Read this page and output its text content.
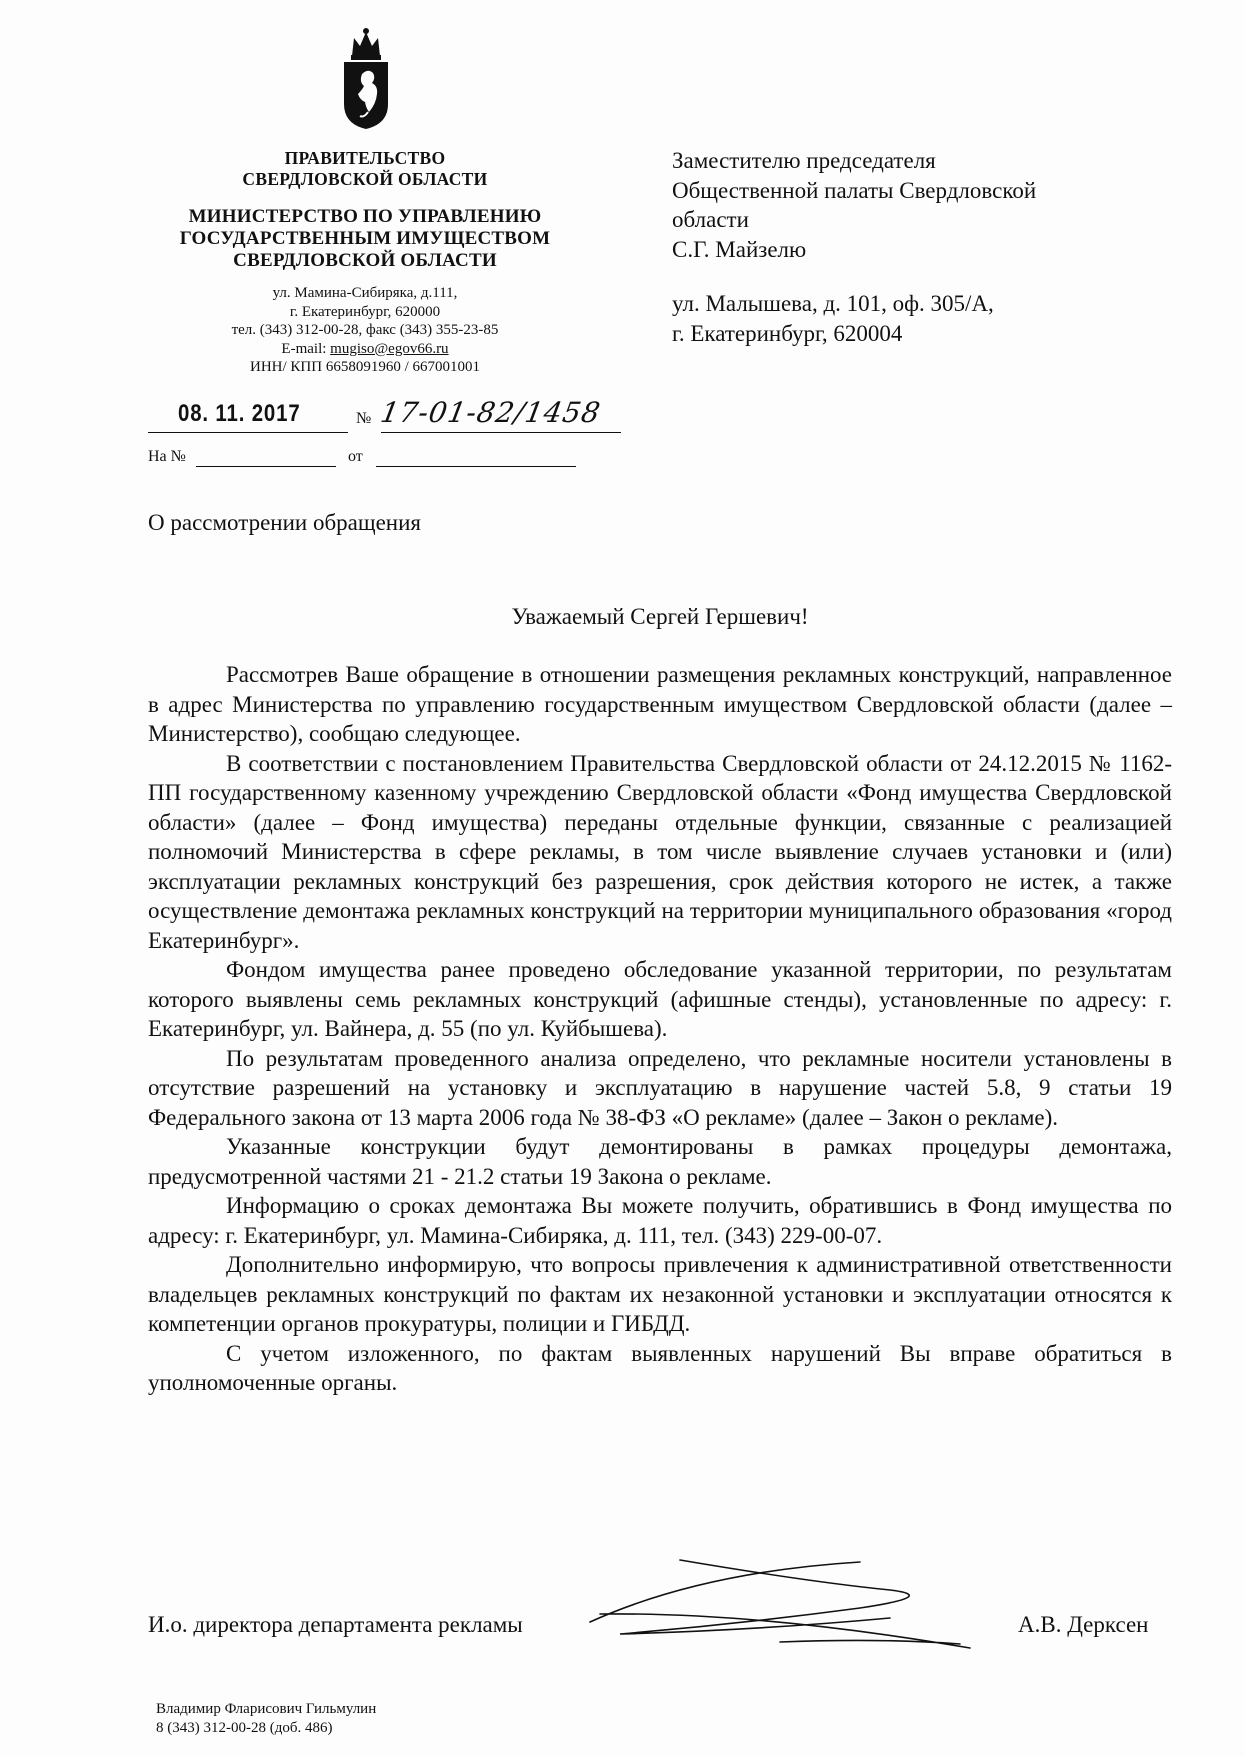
ПРАВИТЕЛЬСТВО
СВЕРДЛОВСКОЙ ОБЛАСТИ
МИНИСТЕРСТВО ПО УПРАВЛЕНИЮ
ГОСУДАРСТВЕННЫМ ИМУЩЕСТВОМ
СВЕРДЛОВСКОЙ ОБЛАСТИ
ул. Мамина-Сибиряка, д.111,
г. Екатеринбург, 620000
тел. (343) 312-00-28, факс (343) 355-23-85
E-mail: mugiso@egov66.ru
ИНН/ КПП 6658091960 / 667001001
08. 11. 2017	№ 17-01-82/1458
На №	от
Заместителю председателя
Общественной палаты Свердловской
области
С.Г. Майзелю
ул. Малышева, д. 101, оф. 305/А,
г. Екатеринбург, 620004
О рассмотрении обращения
Уважаемый Сергей Гершевич!

Рассмотрев Ваше обращение в отношении размещения рекламных конструкций, направленное в адрес Министерства по управлению государственным имуществом Свердловской области (далее – Министерство), сообщаю следующее.

В соответствии с постановлением Правительства Свердловской области от 24.12.2015 № 1162-ПП государственному казенному учреждению Свердловской области «Фонд имущества Свердловской области» (далее – Фонд имущества) переданы отдельные функции, связанные с реализацией полномочий Министерства в сфере рекламы, в том числе выявление случаев установки и (или) эксплуатации рекламных конструкций без разрешения, срок действия которого не истек, а также осуществление демонтажа рекламных конструкций на территории муниципального образования «город Екатеринбург».

Фондом имущества ранее проведено обследование указанной территории, по результатам которого выявлены семь рекламных конструкций (афишные стенды), установленные по адресу: г. Екатеринбург, ул. Вайнера, д. 55 (по ул. Куйбышева).

По результатам проведенного анализа определено, что рекламные носители установлены в отсутствие разрешений на установку и эксплуатацию в нарушение частей 5.8, 9 статьи 19 Федерального закона от 13 марта 2006 года № 38-ФЗ «О рекламе» (далее – Закон о рекламе).

Указанные конструкции будут демонтированы в рамках процедуры демонтажа, предусмотренной частями 21 - 21.2 статьи 19 Закона о рекламе.

Информацию о сроках демонтажа Вы можете получить, обратившись в Фонд имущества по адресу: г. Екатеринбург, ул. Мамина-Сибиряка, д. 111, тел. (343) 229-00-07.

Дополнительно информирую, что вопросы привлечения к административной ответственности владельцев рекламных конструкций по фактам их незаконной установки и эксплуатации относятся к компетенции органов прокуратуры, полиции и ГИБДД.

С учетом изложенного, по фактам выявленных нарушений Вы вправе обратиться в уполномоченные органы.

И.о. директора департамента рекламы	А.В. Дерксен
Владимир Фларисович Гильмулин
8 (343) 312-00-28 (доб. 486)
